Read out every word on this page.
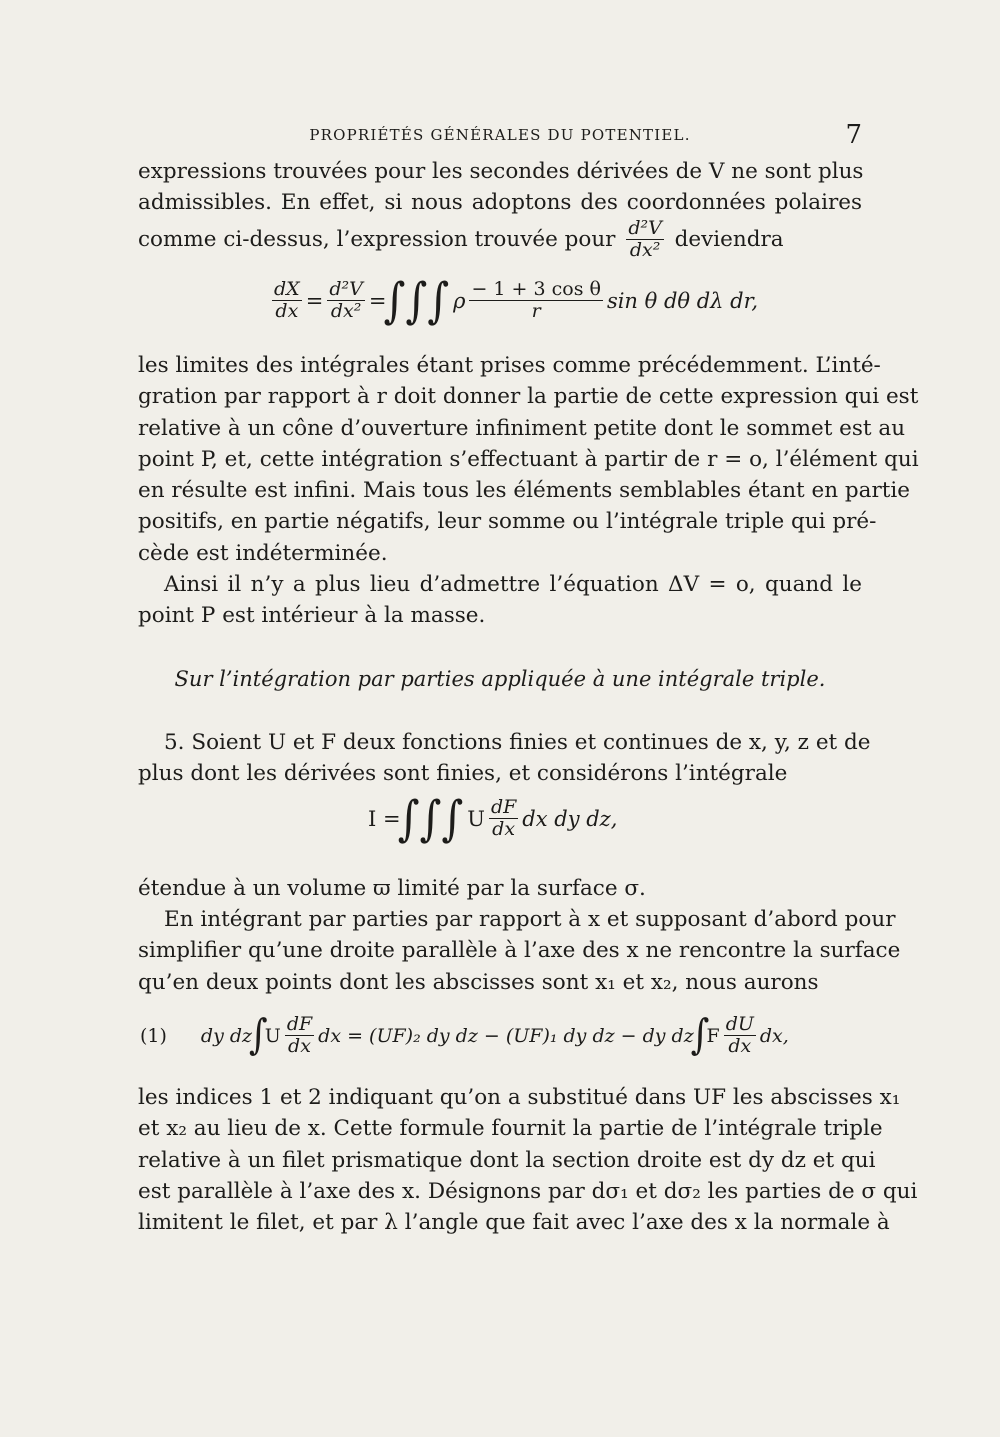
PROPRIÉTÉS GÉNÉRALES DU POTENTIEL.	7
expressions trouvées pour les secondes dérivées de V ne sont plus
admissibles. En effet, si nous adoptons des coordonnées polaires
comme ci-dessus, l’expression trouvée pour $\frac{\text{d²V}}{\text{dx²}}$ deviendra
$\frac{dX}{dx} = \frac{\text{d²V}}{\text{dx²}}$ =
∫∫∫ ρ $\frac{\text{− 1 + 3 cos θ}}{r}$ sin θ dθ dλ dr,
les limites des intégrales étant prises comme précédemment. L’inté-
gration par rapport à r doit donner la partie de cette expression qui est
relative à un cône d’ouverture infiniment petite dont le sommet est au
point P, et, cette intégration s’effectuant à partir de r = o, l’élément qui
en résulte est infini. Mais tous les éléments semblables étant en partie
positifs, en partie négatifs, leur somme ou l’intégrale triple qui pré-
cède est indéterminée.
Ainsi il n’y a plus lieu d’admettre l’équation ΔV = o, quand le
point P est intérieur à la masse.
Sur l’intégration par parties appliquée à une intégrale triple.
5. Soient U et F deux fonctions finies et continues de x, y, z et de
plus dont les dérivées sont finies, et considérons l’intégrale
I =
∫∫∫ U $\frac{dF}{dx}$ dx dy dz,
étendue à un volume ϖ limité par la surface σ.
En intégrant par parties par rapport à x et supposant d’abord pour
simplifier qu’une droite parallèle à l’axe des x ne rencontre la surface
qu’en deux points dont les abscisses sont x₁ et x₂, nous aurons
(1) dy dz
∫
U $\frac{dF}{dx}$ dx = (UF)₂ dy dz − (UF)₁ dy dz − dy dz
∫
F $\frac{dU}{dx}$ dx,
les indices 1 et 2 indiquant qu’on a substitué dans UF les abscisses x₁
et x₂ au lieu de x. Cette formule fournit la partie de l’intégrale triple
relative à un filet prismatique dont la section droite est dy dz et qui
est parallèle à l’axe des x. Désignons par dσ₁ et dσ₂ les parties de σ qui
limitent le filet, et par λ l’angle que fait avec l’axe des x la normale à
